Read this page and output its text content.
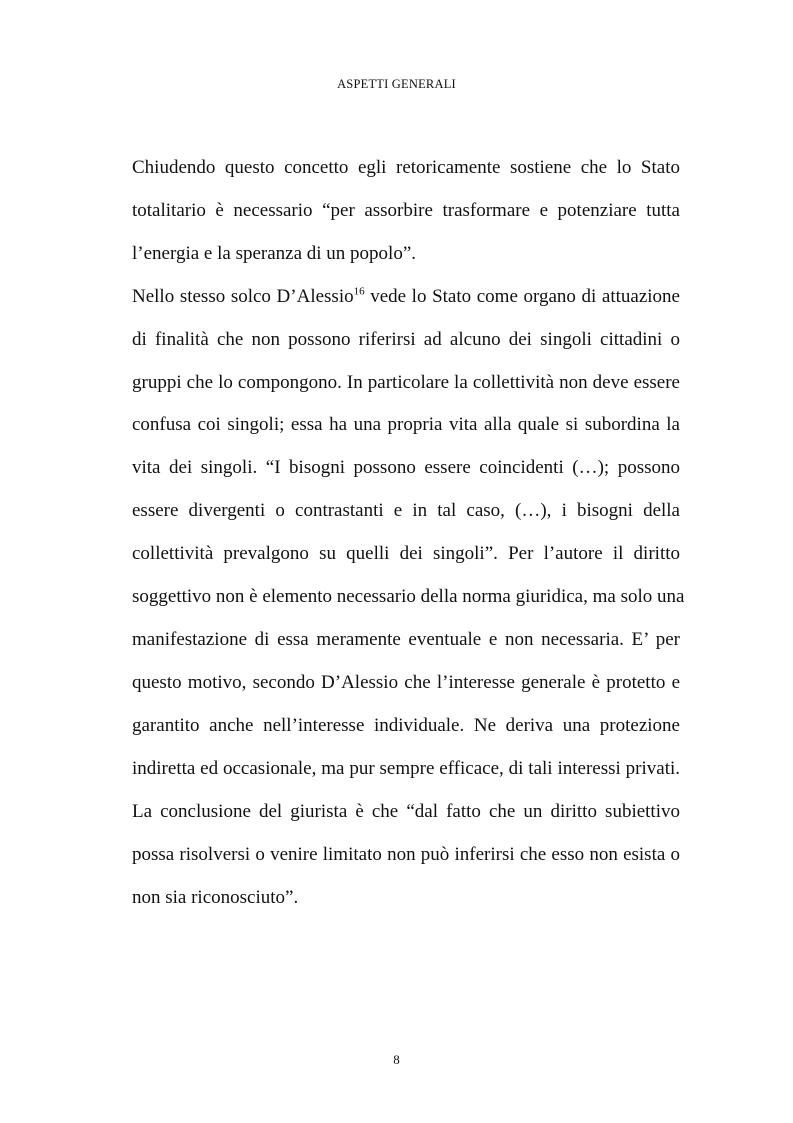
ASPETTI GENERALI
Chiudendo questo concetto egli retoricamente sostiene che lo Stato
totalitario è necessario “per assorbire trasformare e potenziare tutta
l’energia e la speranza di un popolo”.
Nello stesso solco D’Alessio$^{16}$ vede lo Stato come organo di attuazione
di finalità che non possono riferirsi ad alcuno dei singoli cittadini o
gruppi che lo compongono. In particolare la collettività non deve essere
confusa coi singoli; essa ha una propria vita alla quale si subordina la
vita dei singoli. “I bisogni possono essere coincidenti (…); possono
essere divergenti o contrastanti e in tal caso, (…), i bisogni della
collettività prevalgono su quelli dei singoli”. Per l’autore il diritto
soggettivo non è elemento necessario della norma giuridica, ma solo una
manifestazione di essa meramente eventuale e non necessaria. E’ per
questo motivo, secondo D’Alessio che l’interesse generale è protetto e
garantito anche nell’interesse individuale. Ne deriva una protezione
indiretta ed occasionale, ma pur sempre efficace, di tali interessi privati.
La conclusione del giurista è che “dal fatto che un diritto subiettivo
possa risolversi o venire limitato non può inferirsi che esso non esista o
non sia riconosciuto”.
8
